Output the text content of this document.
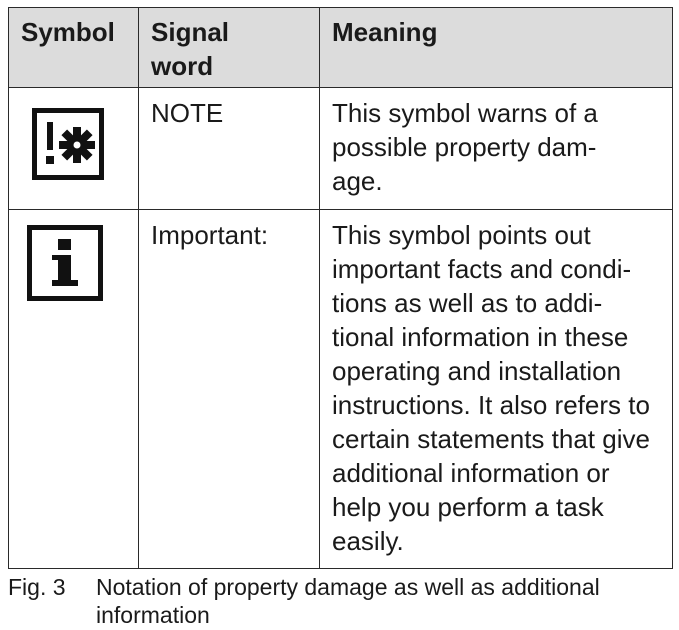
Symbol	Signal word	Meaning

	NOTE	This symbol warns of a possible property dam-age.

	Important:	This symbol points out important facts and condi-tions as well as to addi-tional information in these operating and installation instructions. It also refers to certain statements that give additional information or help you perform a task easily.
Fig. 3 Notation of property damage as well as additional information
